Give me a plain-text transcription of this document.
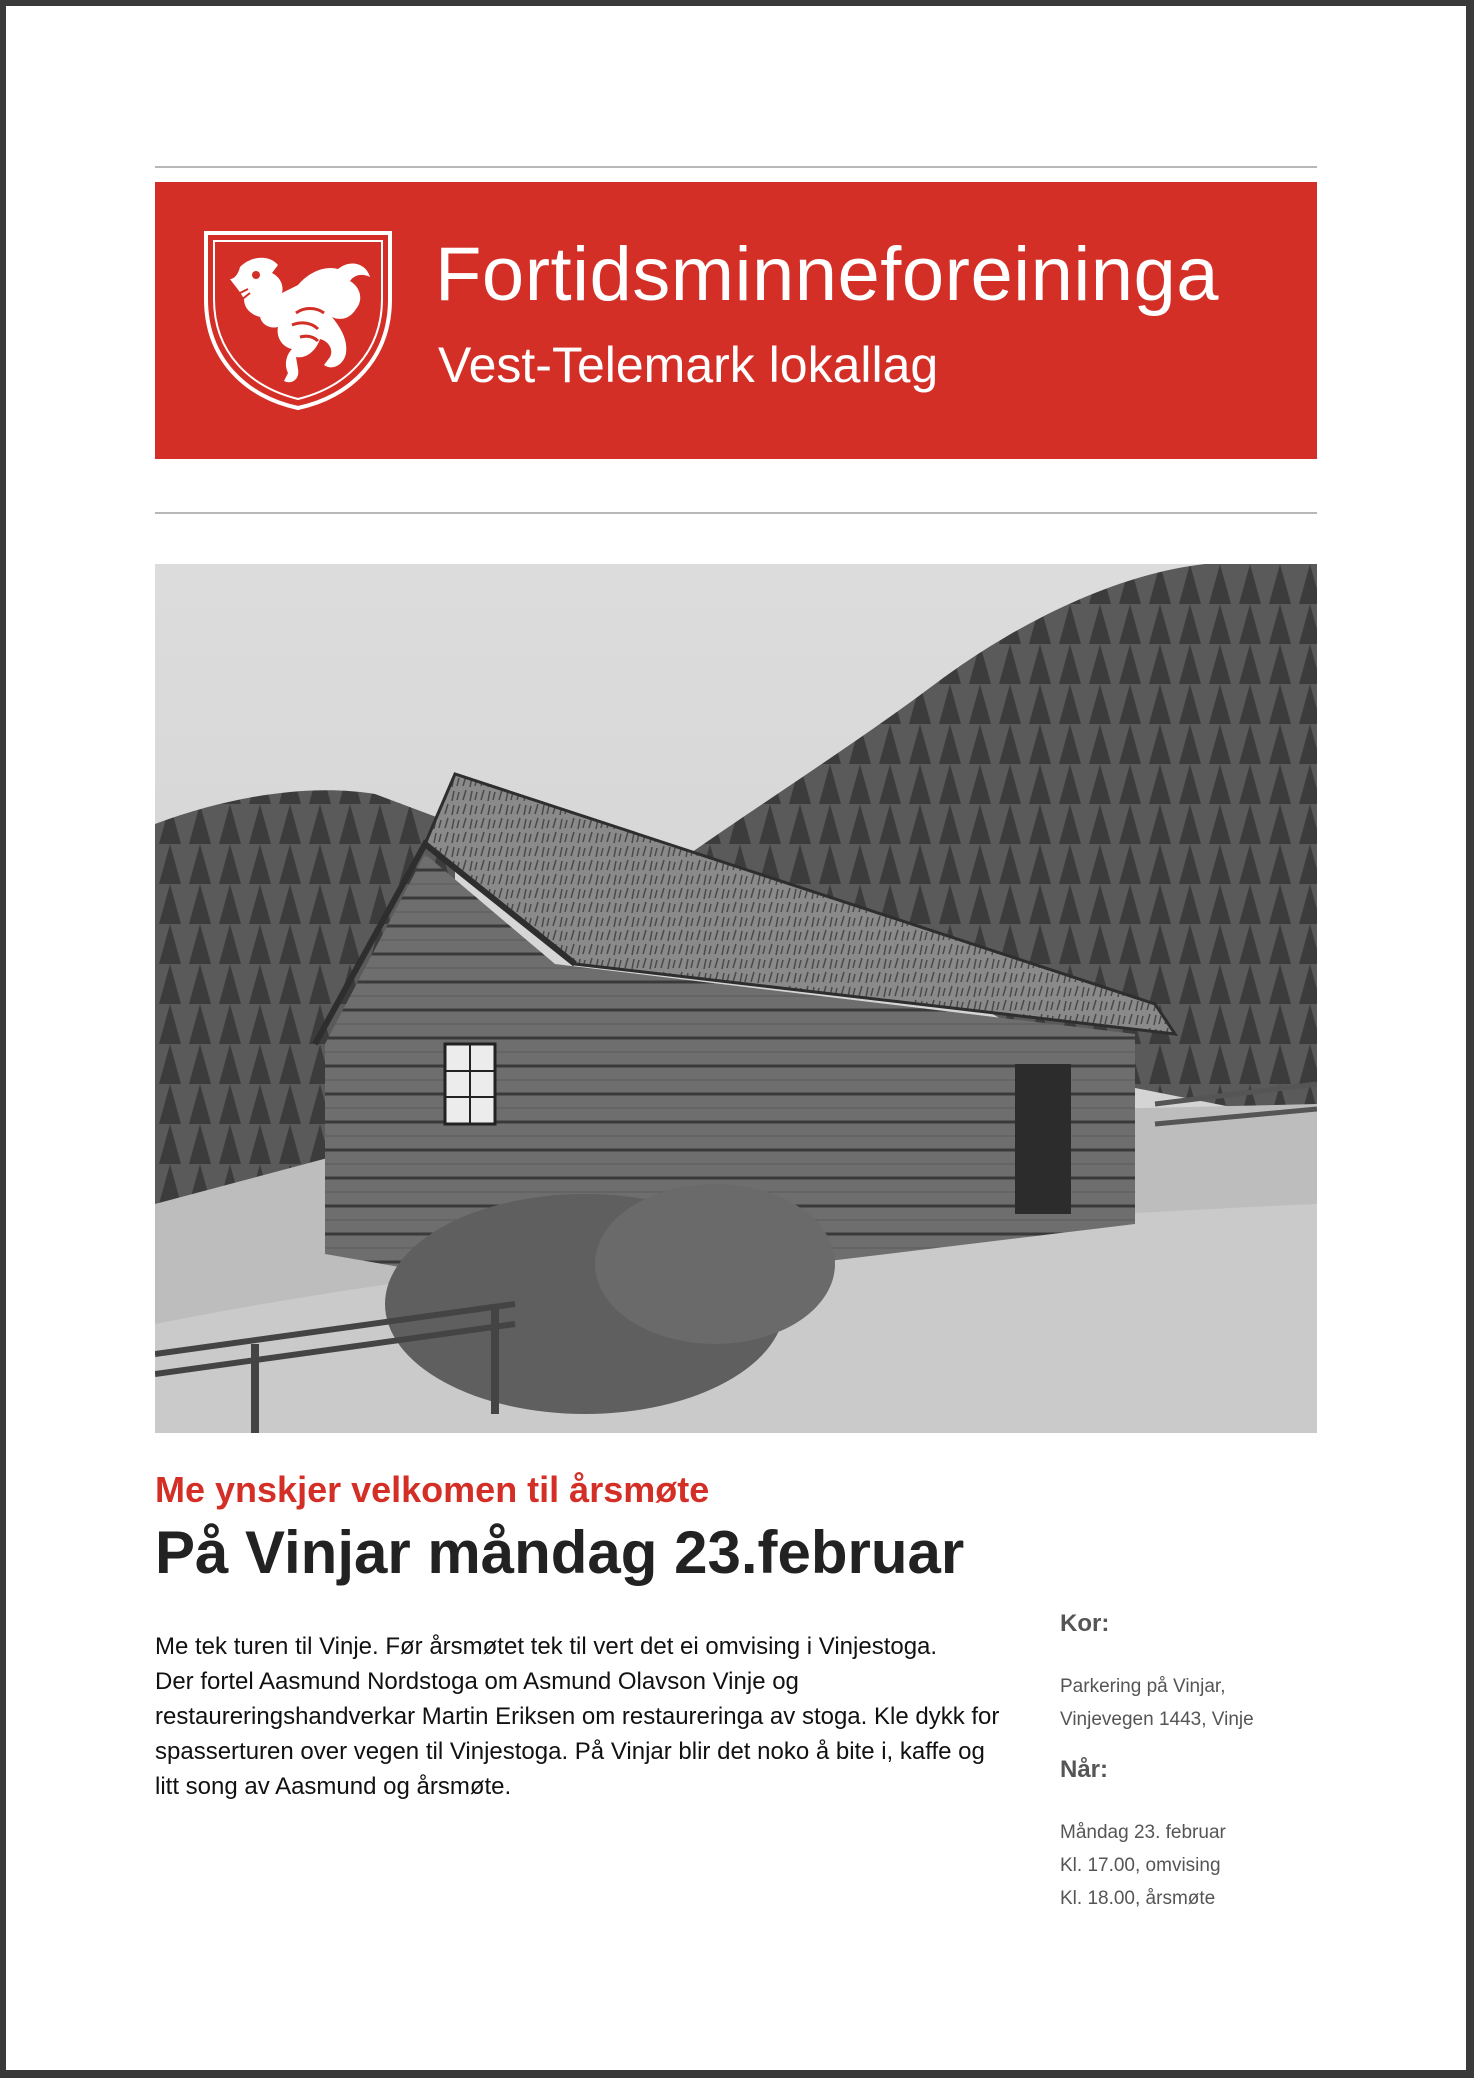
Fortidsminneforeininga
Vest-Telemark lokallag
Me ynskjer velkomen til årsmøte
På Vinjar måndag 23.februar
Me tek turen til Vinje. Før årsmøtet tek til vert det ei omvising i Vinjestoga.
Der fortel Aasmund Nordstoga om Asmund Olavson Vinje og
restaureringshandverkar Martin Eriksen om restaureringa av stoga. Kle dykk for
spasserturen over vegen til Vinjestoga. På Vinjar blir det noko å bite i, kaffe og
litt song av Aasmund og årsmøte.
Kor:
Parkering på Vinjar,
Vinjevegen 1443, Vinje
Når:
Måndag 23. februar
Kl. 17.00, omvising
Kl. 18.00, årsmøte
